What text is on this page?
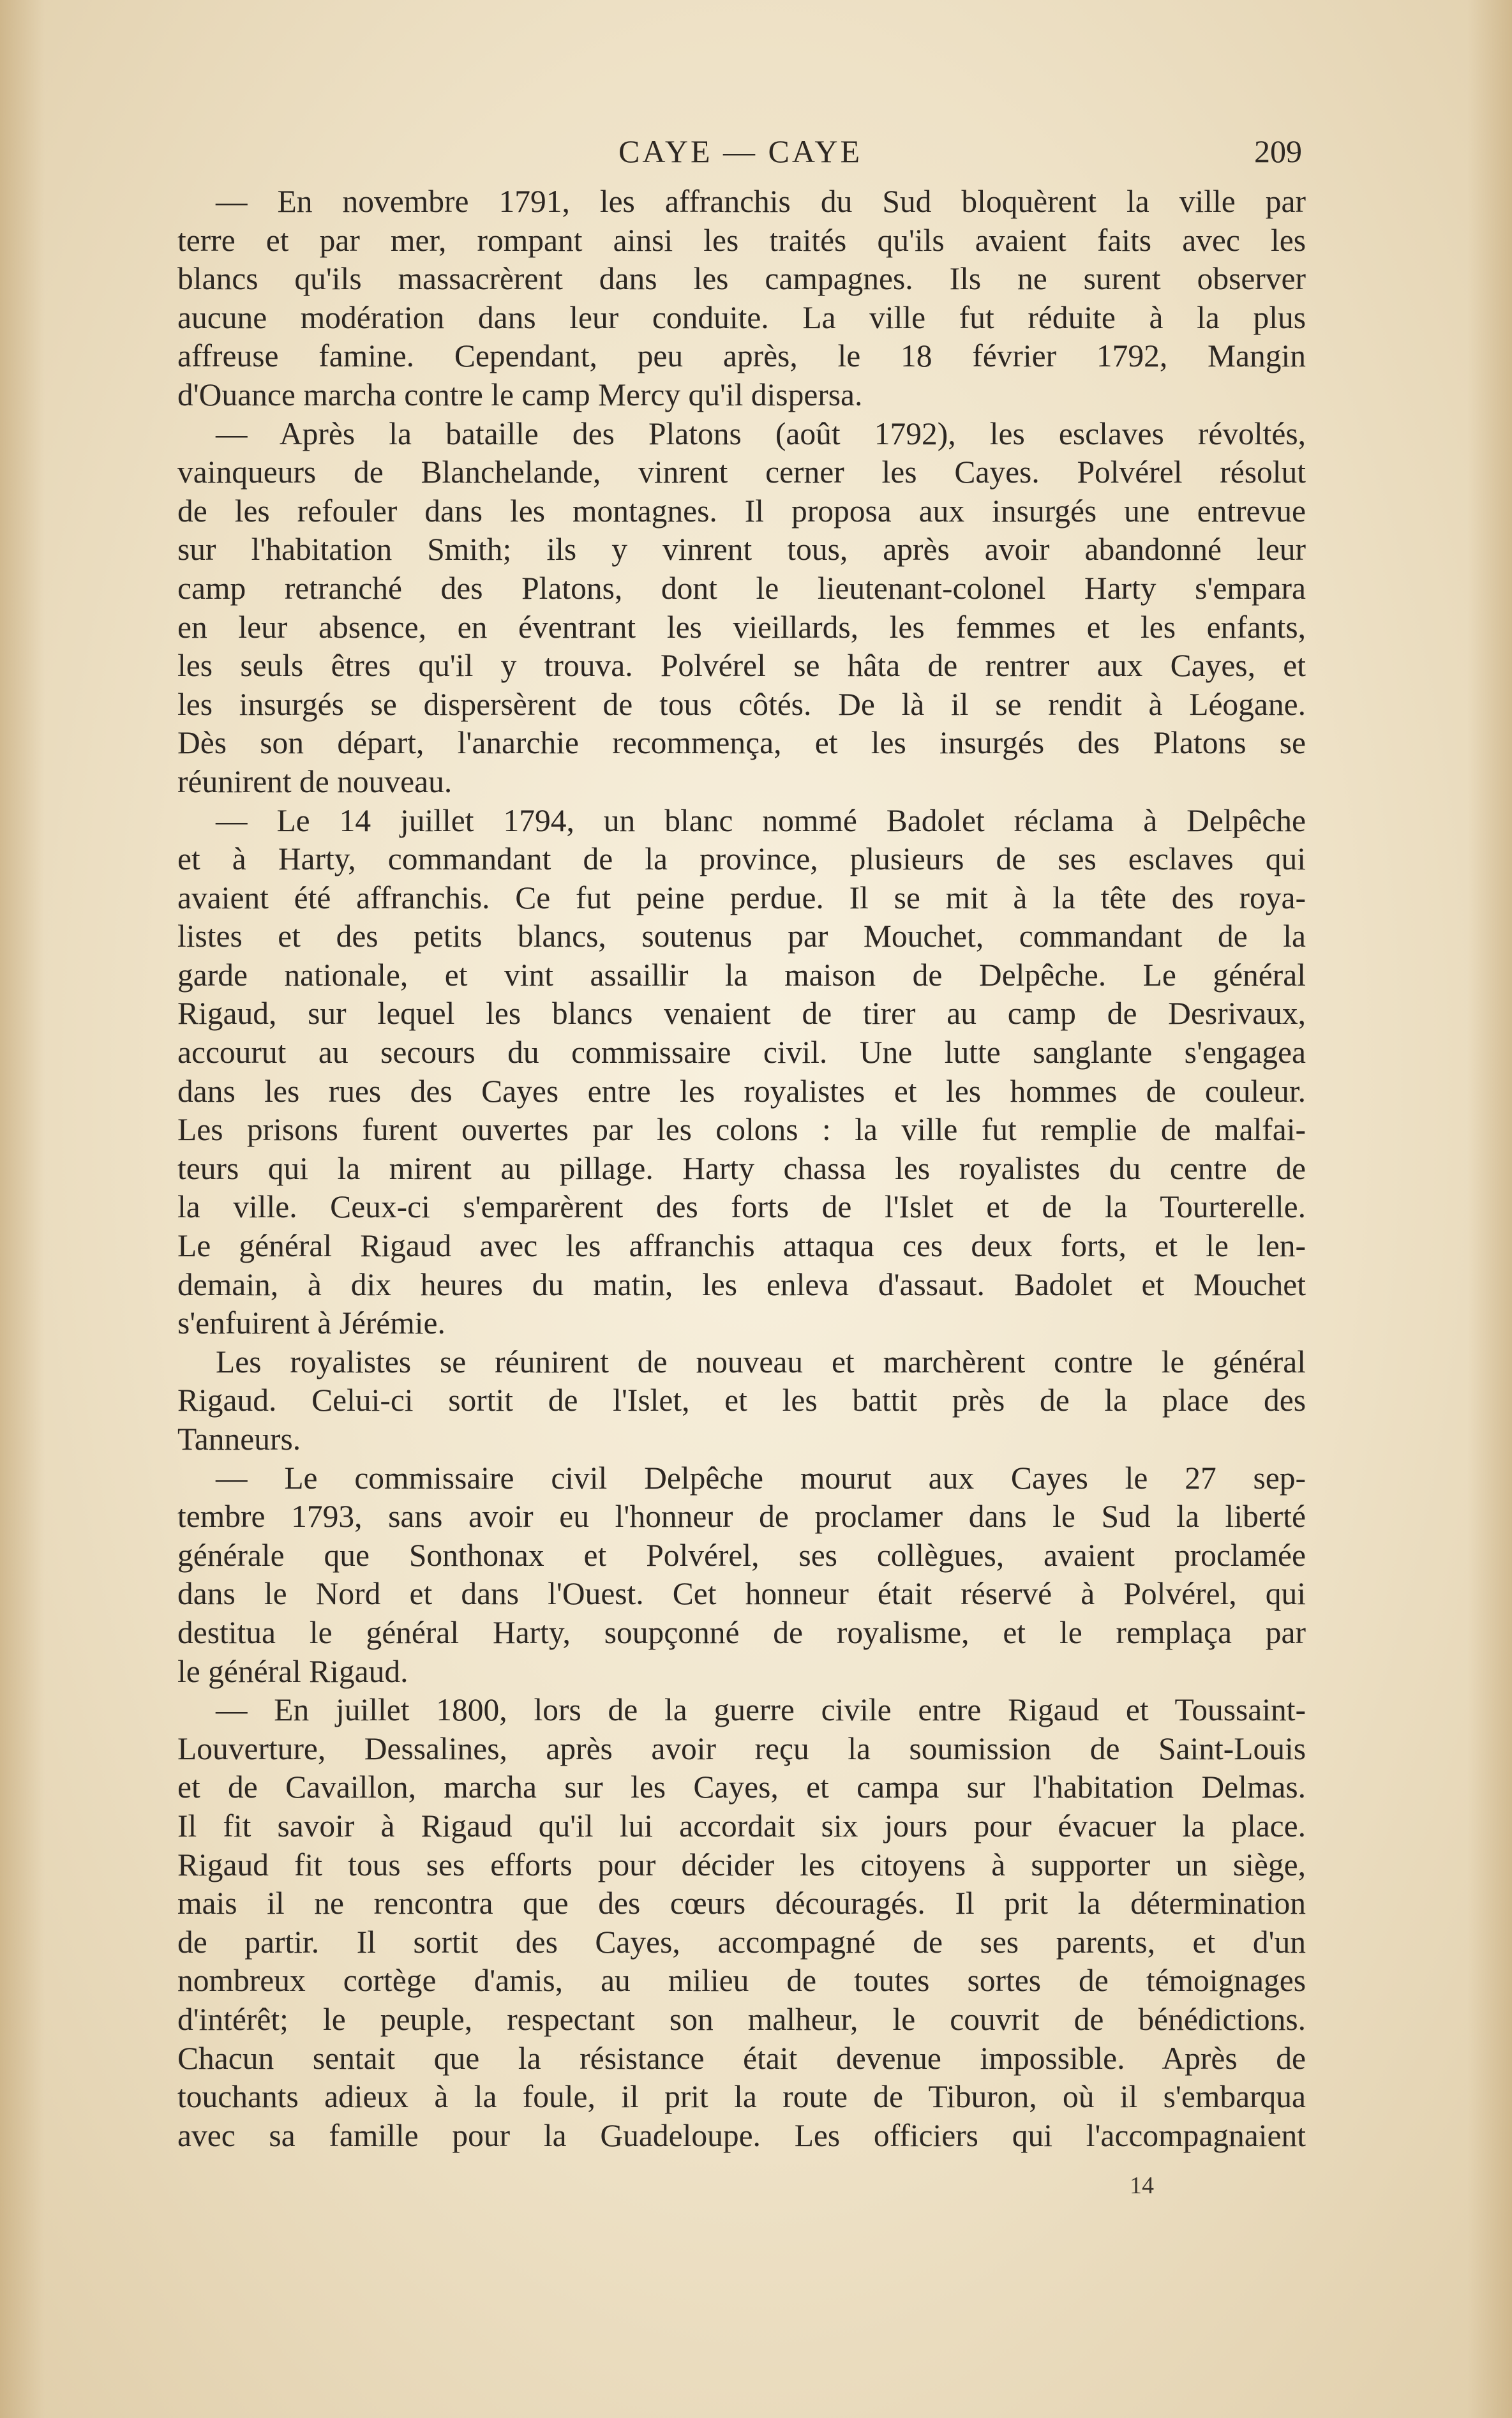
CAYE — CAYE	209
— En novembre 1791, les affranchis du Sud bloquèrent la ville par
terre et par mer, rompant ainsi les traités qu'ils avaient faits avec les
blancs qu'ils massacrèrent dans les campagnes. Ils ne surent observer
aucune modération dans leur conduite. La ville fut réduite à la plus
affreuse famine. Cependant, peu après, le 18 février 1792, Mangin
d'Ouance marcha contre le camp Mercy qu'il dispersa.
— Après la bataille des Platons (août 1792), les esclaves révoltés,
vainqueurs de Blanchelande, vinrent cerner les Cayes. Polvérel résolut
de les refouler dans les montagnes. Il proposa aux insurgés une entrevue
sur l'habitation Smith; ils y vinrent tous, après avoir abandonné leur
camp retranché des Platons, dont le lieutenant-colonel Harty s'empara
en leur absence, en éventrant les vieillards, les femmes et les enfants,
les seuls êtres qu'il y trouva. Polvérel se hâta de rentrer aux Cayes, et
les insurgés se dispersèrent de tous côtés. De là il se rendit à Léogane.
Dès son départ, l'anarchie recommença, et les insurgés des Platons se
réunirent de nouveau.
— Le 14 juillet 1794, un blanc nommé Badolet réclama à Delpêche
et à Harty, commandant de la province, plusieurs de ses esclaves qui
avaient été affranchis. Ce fut peine perdue. Il se mit à la tête des roya-
listes et des petits blancs, soutenus par Mouchet, commandant de la
garde nationale, et vint assaillir la maison de Delpêche. Le général
Rigaud, sur lequel les blancs venaient de tirer au camp de Desrivaux,
accourut au secours du commissaire civil. Une lutte sanglante s'engagea
dans les rues des Cayes entre les royalistes et les hommes de couleur.
Les prisons furent ouvertes par les colons : la ville fut remplie de malfai-
teurs qui la mirent au pillage. Harty chassa les royalistes du centre de
la ville. Ceux-ci s'emparèrent des forts de l'Islet et de la Tourterelle.
Le général Rigaud avec les affranchis attaqua ces deux forts, et le len-
demain, à dix heures du matin, les enleva d'assaut. Badolet et Mouchet
s'enfuirent à Jérémie.
Les royalistes se réunirent de nouveau et marchèrent contre le général
Rigaud. Celui-ci sortit de l'Islet, et les battit près de la place des
Tanneurs.
— Le commissaire civil Delpêche mourut aux Cayes le 27 sep-
tembre 1793, sans avoir eu l'honneur de proclamer dans le Sud la liberté
générale que Sonthonax et Polvérel, ses collègues, avaient proclamée
dans le Nord et dans l'Ouest. Cet honneur était réservé à Polvérel, qui
destitua le général Harty, soupçonné de royalisme, et le remplaça par
le général Rigaud.
— En juillet 1800, lors de la guerre civile entre Rigaud et Toussaint-
Louverture, Dessalines, après avoir reçu la soumission de Saint-Louis
et de Cavaillon, marcha sur les Cayes, et campa sur l'habitation Delmas.
Il fit savoir à Rigaud qu'il lui accordait six jours pour évacuer la place.
Rigaud fit tous ses efforts pour décider les citoyens à supporter un siège,
mais il ne rencontra que des cœurs découragés. Il prit la détermination
de partir. Il sortit des Cayes, accompagné de ses parents, et d'un
nombreux cortège d'amis, au milieu de toutes sortes de témoignages
d'intérêt; le peuple, respectant son malheur, le couvrit de bénédictions.
Chacun sentait que la résistance était devenue impossible. Après de
touchants adieux à la foule, il prit la route de Tiburon, où il s'embarqua
avec sa famille pour la Guadeloupe. Les officiers qui l'accompagnaient
14
